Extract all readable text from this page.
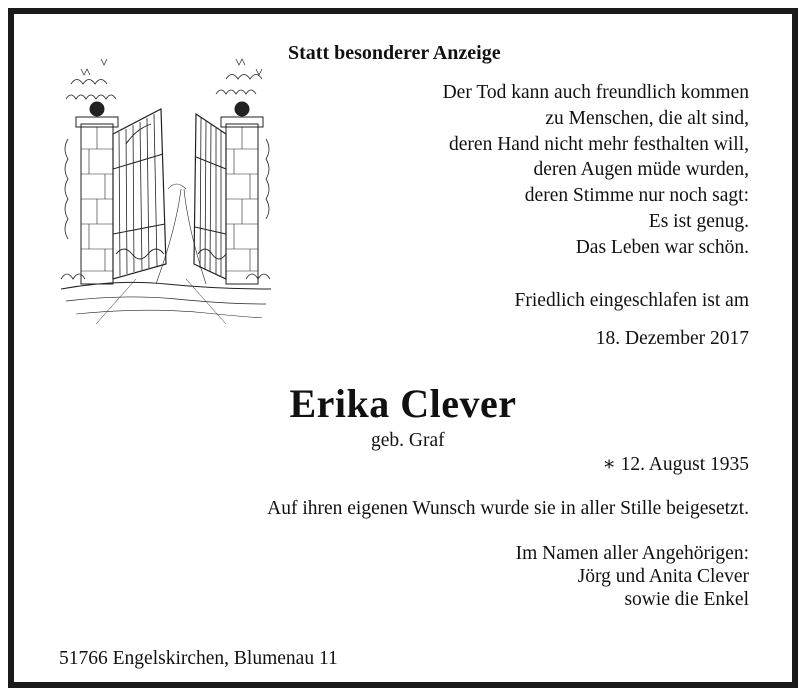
Statt besonderer Anzeige
Der Tod kann auch freundlich kommen
zu Menschen, die alt sind,
deren Hand nicht mehr festhalten will,
deren Augen müde wurden,
deren Stimme nur noch sagt:
Es ist genug.
Das Leben war schön.
Friedlich eingeschlafen ist am
18. Dezember 2017
Erika Clever
geb. Graf
∗ 12. August 1935
Auf ihren eigenen Wunsch wurde sie in aller Stille beigesetzt.
Im Namen aller Angehörigen:
Jörg und Anita Clever
sowie die Enkel
51766 Engelskirchen, Blumenau 11
